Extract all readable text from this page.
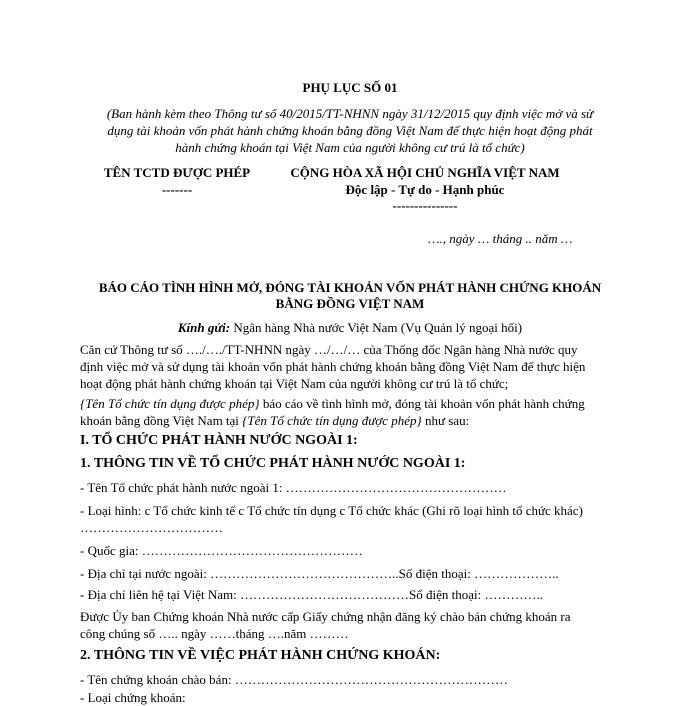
PHỤ LỤC SỐ 01
(Ban hành kèm theo Thông tư số 40/2015/TT-NHNN ngày 31/12/2015 quy định việc mở và sử
dụng tài khoản vốn phát hành chứng khoán bằng đồng Việt Nam để thực hiện hoạt động phát
hành chứng khoán tại Việt Nam của người không cư trú là tổ chức)
TÊN TCTD ĐƯỢC PHÉP
-------
CỘNG HÒA XÃ HỘI CHỦ NGHĨA VIỆT NAM
Độc lập - Tự do - Hạnh phúc
---------------
…., ngày … tháng .. năm …
BÁO CÁO TÌNH HÌNH MỞ, ĐÓNG TÀI KHOẢN VỐN PHÁT HÀNH CHỨNG KHOÁN
BẰNG ĐỒNG VIỆT NAM
Kính gửi: Ngân hàng Nhà nước Việt Nam (Vụ Quản lý ngoại hối)
Căn cứ Thông tư số …./…./TT-NHNN ngày …/…/… của Thống đốc Ngân hàng Nhà nước quy
định việc mở và sử dụng tài khoản vốn phát hành chứng khoán bằng đồng Việt Nam để thực hiện
hoạt động phát hành chứng khoán tại Việt Nam của người không cư trú là tổ chức;
{Tên Tổ chức tín dụng được phép} báo cáo về tình hình mở, đóng tài khoản vốn phát hành chứng
khoán bằng đồng Việt Nam tại {Tên Tổ chức tín dụng được phép} như sau:
I. TỔ CHỨC PHÁT HÀNH NƯỚC NGOÀI 1:
1. THÔNG TIN VỀ TỔ CHỨC PHÁT HÀNH NƯỚC NGOÀI 1:
- Tên Tổ chức phát hành nước ngoài 1: ……………………………………………
- Loại hình: c Tổ chức kinh tế c Tổ chức tín dụng c Tổ chức khác (Ghi rõ loại hình tổ chức khác)
……………………………
- Quốc gia: ……………………………………………
- Địa chỉ tại nước ngoài: ……………………………………..Số điện thoại: ………………..
- Địa chỉ liên hệ tại Việt Nam: …………………………………Số điện thoại: …………..
Được Ủy ban Chứng khoán Nhà nước cấp Giấy chứng nhận đăng ký chào bán chứng khoán ra
công chúng số ….. ngày ……tháng ….năm ………
2. THÔNG TIN VỀ VIỆC PHÁT HÀNH CHỨNG KHOÁN:
- Tên chứng khoán chào bán: ………………………………………………………
- Loại chứng khoán:
